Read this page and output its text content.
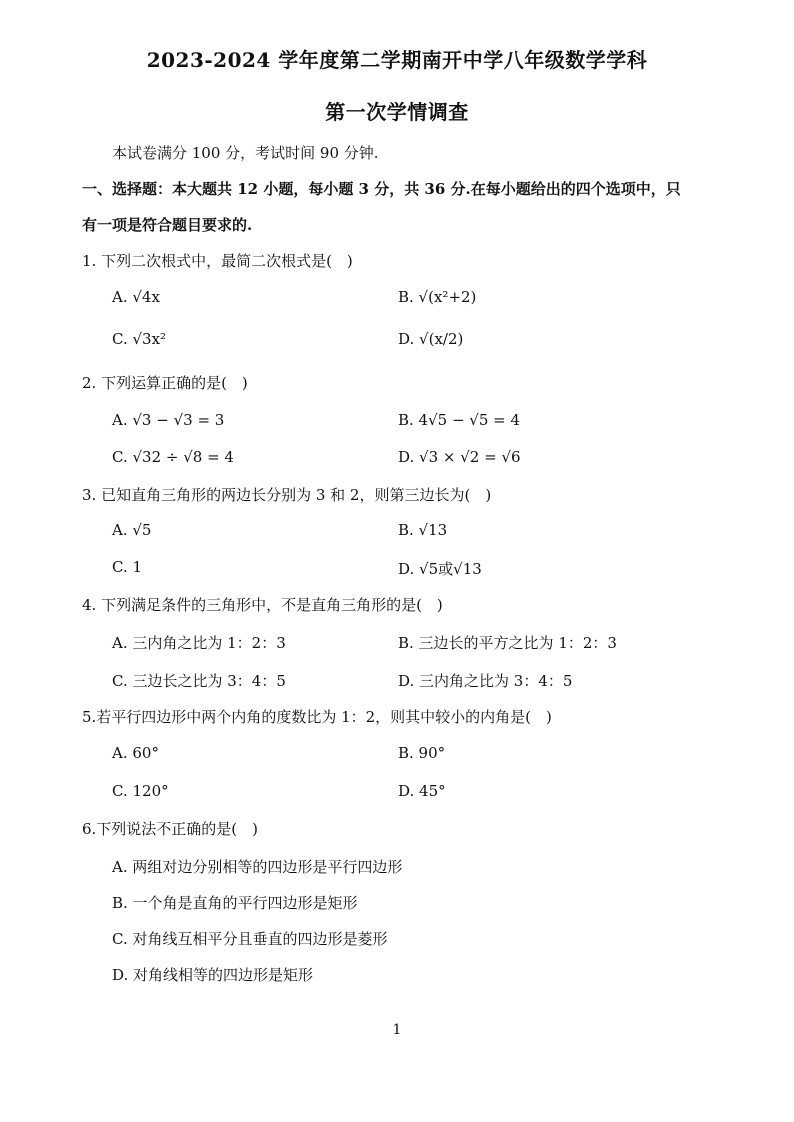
2023-2024 学年度第二学期南开中学八年级数学学科
第一次学情调查
本试卷满分 100 分，考试时间 90 分钟.
一、选择题：本大题共 12 小题，每小题 3 分，共 36 分.在每小题给出的四个选项中，只
有一项是符合题目要求的.
1. 下列二次根式中，最简二次根式是(　)
A. √4x	B. √(x²+2)
C. √3x²	D. √(x/2)
2. 下列运算正确的是(　)
A. √3 − √3 = 3	B. 4√5 − √5 = 4
C. √32 ÷ √8 = 4	D. √3 × √2 = √6
3. 已知直角三角形的两边长分别为 3 和 2，则第三边长为(　)
A. √5	B. √13
C. 1	D. √5或√13
4. 下列满足条件的三角形中，不是直角三角形的是(　)
A. 三内角之比为 1：2：3	B. 三边长的平方之比为 1：2：3
C. 三边长之比为 3：4：5	D. 三内角之比为 3：4：5
5.若平行四边形中两个内角的度数比为 1：2，则其中较小的内角是(　)
A. 60°	B. 90°
C. 120°	D. 45°
6.下列说法不正确的是(　)
A. 两组对边分别相等的四边形是平行四边形
B. 一个角是直角的平行四边形是矩形
C. 对角线互相平分且垂直的四边形是菱形
D. 对角线相等的四边形是矩形
1
